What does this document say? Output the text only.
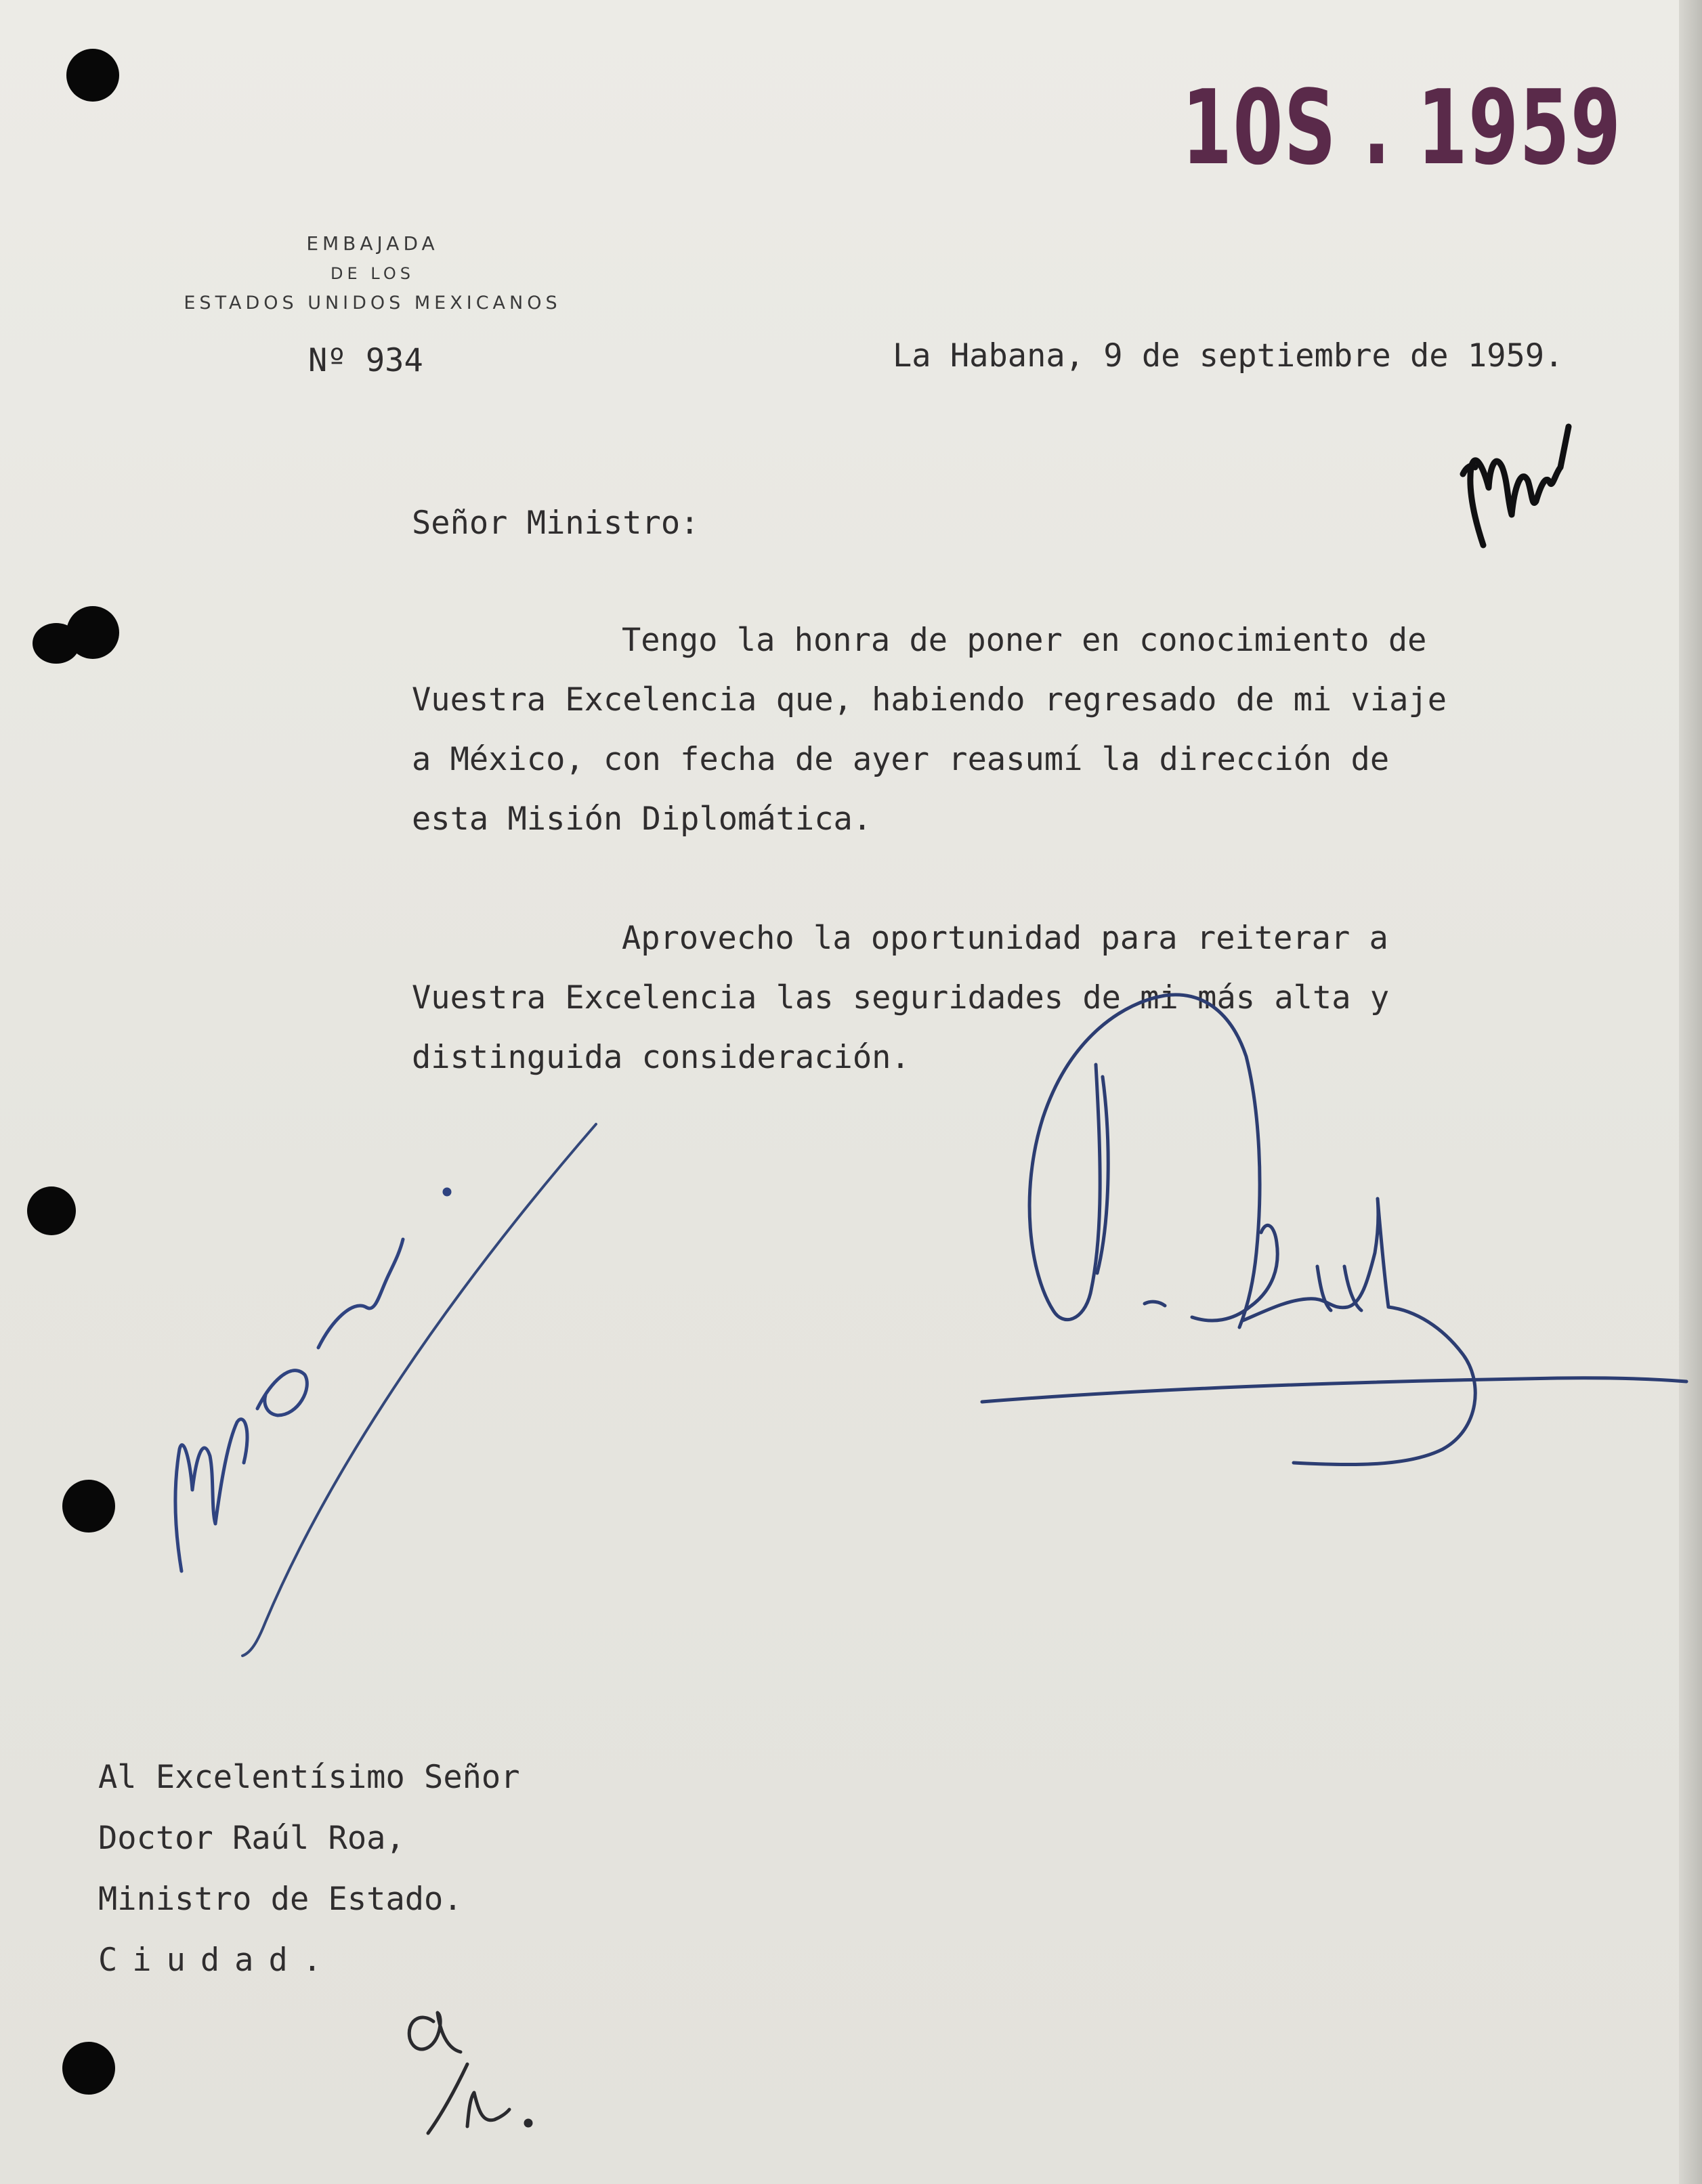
10S . 1959
EMBAJADA
DE LOS
ESTADOS UNIDOS MEXICANOS
Nº 934	La Habana, 9 de septiembre de 1959.
Señor Ministro:
Tengo la honra de poner en conocimiento de
Vuestra Excelencia que, habiendo regresado de mi viaje
a México, con fecha de ayer reasumí la dirección de
esta Misión Diplomática.
Aprovecho la oportunidad para reiterar a
Vuestra Excelencia las seguridades de mi más alta y
distinguida consideración.
Al Excelentísimo Señor
Doctor Raúl Roa,
Ministro de Estado.
Ciudad.
